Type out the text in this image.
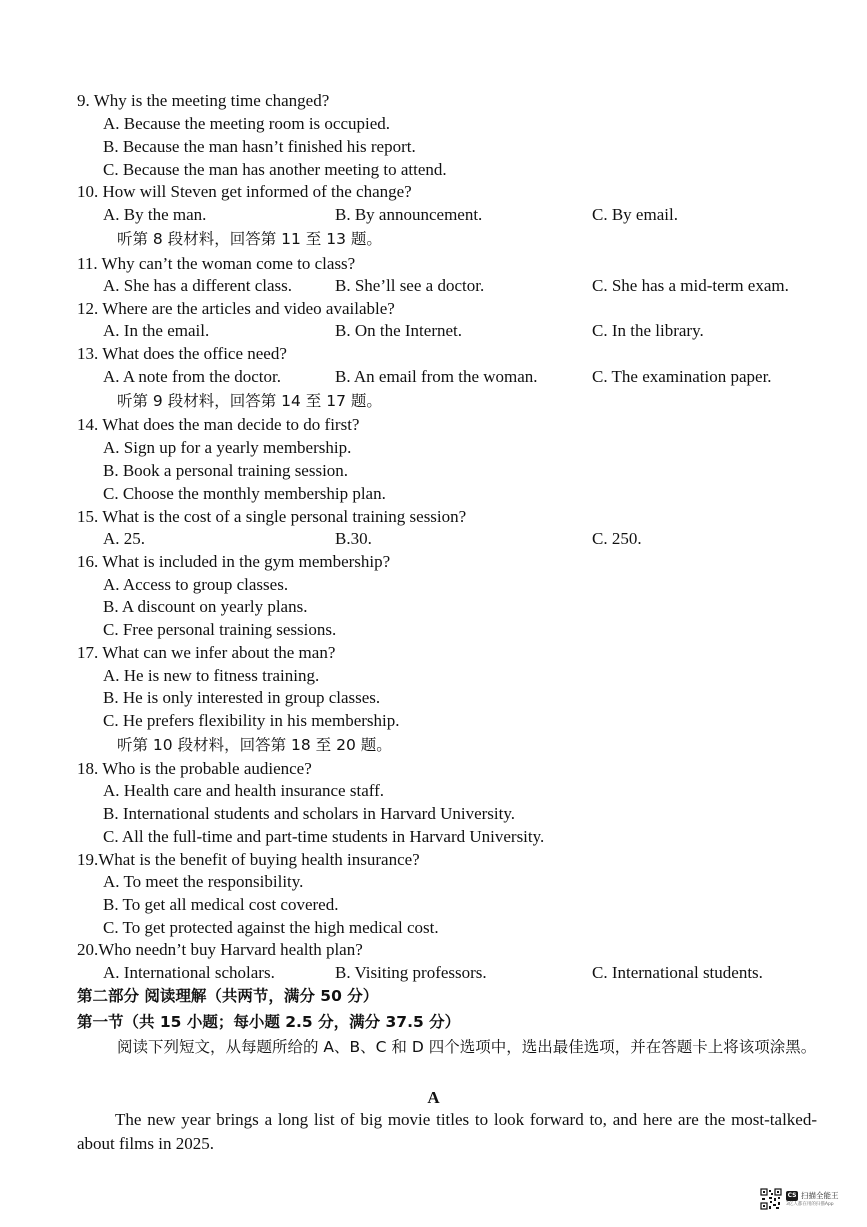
9. Why is the meeting time changed?
A. Because the meeting room is occupied.
B. Because the man hasn’t finished his report.
C. Because the man has another meeting to attend.
10. How will Steven get informed of the change?
A. By the man.	B. By announcement.	C. By email.
听第 8 段材料，回答第 11 至 13 题。
11. Why can’t the woman come to class?
A. She has a different class.	B. She’ll see a doctor.	C. She has a mid-term exam.
12. Where are the articles and video available?
A. In the email.	B. On the Internet.	C. In the library.
13. What does the office need?
A. A note from the doctor.	B. An email from the woman.	C. The examination paper.
听第 9 段材料，回答第 14 至 17 题。
14. What does the man decide to do first?
A. Sign up for a yearly membership.
B. Book a personal training session.
C. Choose the monthly membership plan.
15. What is the cost of a single personal training session?
A. 25.	B.30.	C. 250.
16. What is included in the gym membership?
A. Access to group classes.
B. A discount on yearly plans.
C. Free personal training sessions.
17. What can we infer about the man?
A. He is new to fitness training.
B. He is only interested in group classes.
C. He prefers flexibility in his membership.
听第 10 段材料，回答第 18 至 20 题。
18. Who is the probable audience?
A. Health care and health insurance staff.
B. International students and scholars in Harvard University.
C. All the full-time and part-time students in Harvard University.
19.What is the benefit of buying health insurance?
A. To meet the responsibility.
B. To get all medical cost covered.
C. To get protected against the high medical cost.
20.Who needn’t buy Harvard health plan?
A. International scholars.	B. Visiting professors.	C. International students.
第二部分 阅读理解（共两节，满分 50 分）
第一节（共 15 小题；每小题 2.5 分，满分 37.5 分）
阅读下列短文，从每题所给的 A、B、C 和 D 四个选项中，选出最佳选项，并在答题卡上将该项涂黑。
A
The new year brings a long list of big movie titles to look forward to, and here are the most-talked-about films in 2025.
CS 扫描全能王
3亿人都在用的扫描App
